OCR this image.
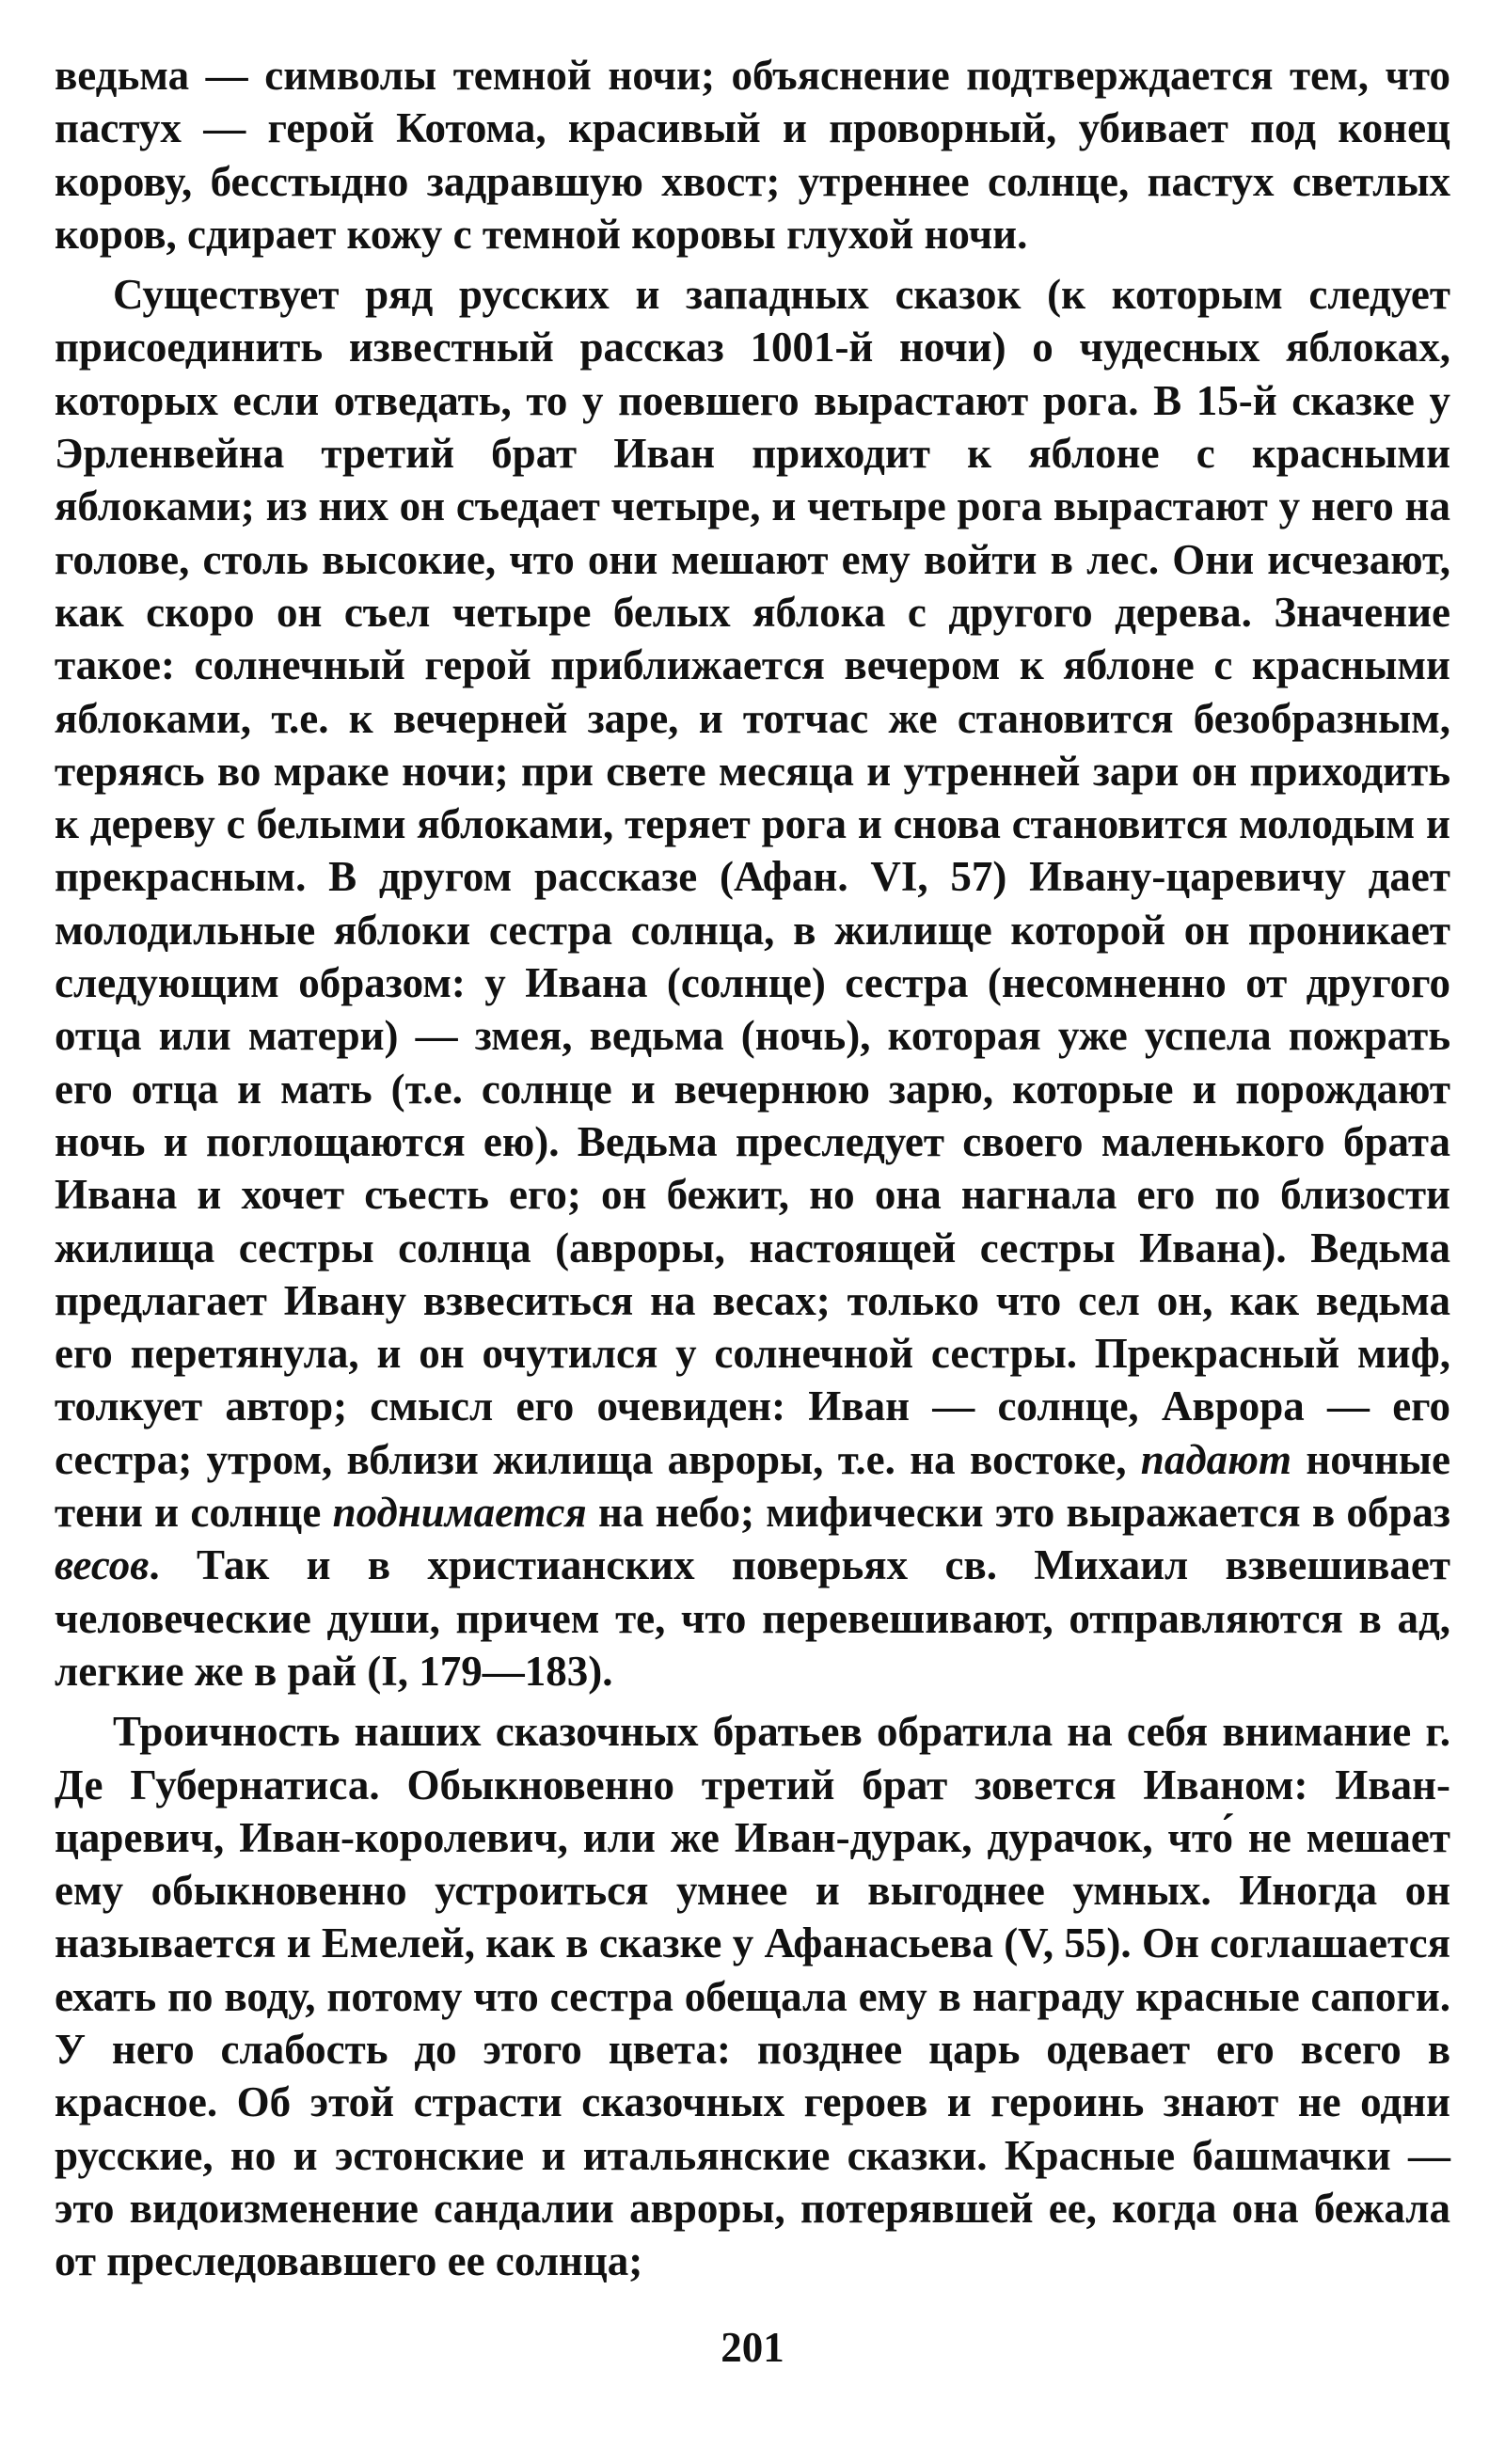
ведьма — символы темной ночи; объяснение подтверждается тем, что пастух — герой Котома, красивый и проворный, убивает под конец корову, бесстыдно задравшую хвост; утреннее солнце, пастух светлых коров, сдирает кожу с темной коровы глухой ночи.

Существует ряд русских и западных сказок (к которым следует присоединить известный рассказ 1001-й ночи) о чудесных яблоках, которых если отведать, то у поевшего вырастают рога. В 15-й сказке у Эрленвейна третий брат Иван приходит к яблоне с красными яблоками; из них он съедает четыре, и четыре рога вырастают у него на голове, столь высокие, что они мешают ему войти в лес. Они исчезают, как скоро он съел четыре белых яблока с другого дерева. Значение такое: солнечный герой приближается вечером к яблоне с красными яблоками, т.е. к вечерней заре, и тотчас же становится безобразным, теряясь во мраке ночи; при свете месяца и утренней зари он приходить к дереву с белыми яблоками, теряет рога и снова становится молодым и прекрасным. В другом рассказе (Афан. VI, 57) Ивану-царевичу дает молодильные яблоки сестра солнца, в жилище которой он проникает следующим образом: у Ивана (солнце) сестра (несомненно от другого отца или матери) — змея, ведьма (ночь), которая уже успела пожрать его отца и мать (т.е. солнце и вечернюю зарю, которые и порождают ночь и поглощаются ею). Ведьма преследует своего маленького брата Ивана и хочет съесть его; он бежит, но она нагнала его по близости жилища сестры солнца (авроры, настоящей сестры Ивана). Ведьма предлагает Ивану взвеситься на весах; только что сел он, как ведьма его перетянула, и он очутился у солнечной сестры. Прекрасный миф, толкует автор; смысл его очевиден: Иван — солнце, Аврора — его сестра; утром, вблизи жилища авроры, т.е. на востоке, падают ночные тени и солнце поднимается на небо; мифически это выражается в образ весов. Так и в христианских поверьях св. Михаил взвешивает человеческие души, причем те, что перевешивают, отправляются в ад, легкие же в рай (I, 179—183).

Троичность наших сказочных братьев обратила на себя внимание г. Де Губернатиса. Обыкновенно третий брат зовется Иваном: Иван-царевич, Иван-королевич, или же Иван-дурак, дурачок, что́ не мешает ему обыкновенно устроиться умнее и выгоднее умных. Иногда он называется и Емелей, как в сказке у Афанасьева (V, 55). Он соглашается ехать по воду, потому что сестра обещала ему в награду красные сапоги. У него слабость до этого цвета: позднее царь одевает его всего в красное. Об этой страсти сказочных героев и героинь знают не одни русские, но и эстонские и итальянские сказки. Красные башмачки — это видоизменение сандалии авроры, потерявшей ее, когда она бежала от преследовавшего ее солнца;

201
